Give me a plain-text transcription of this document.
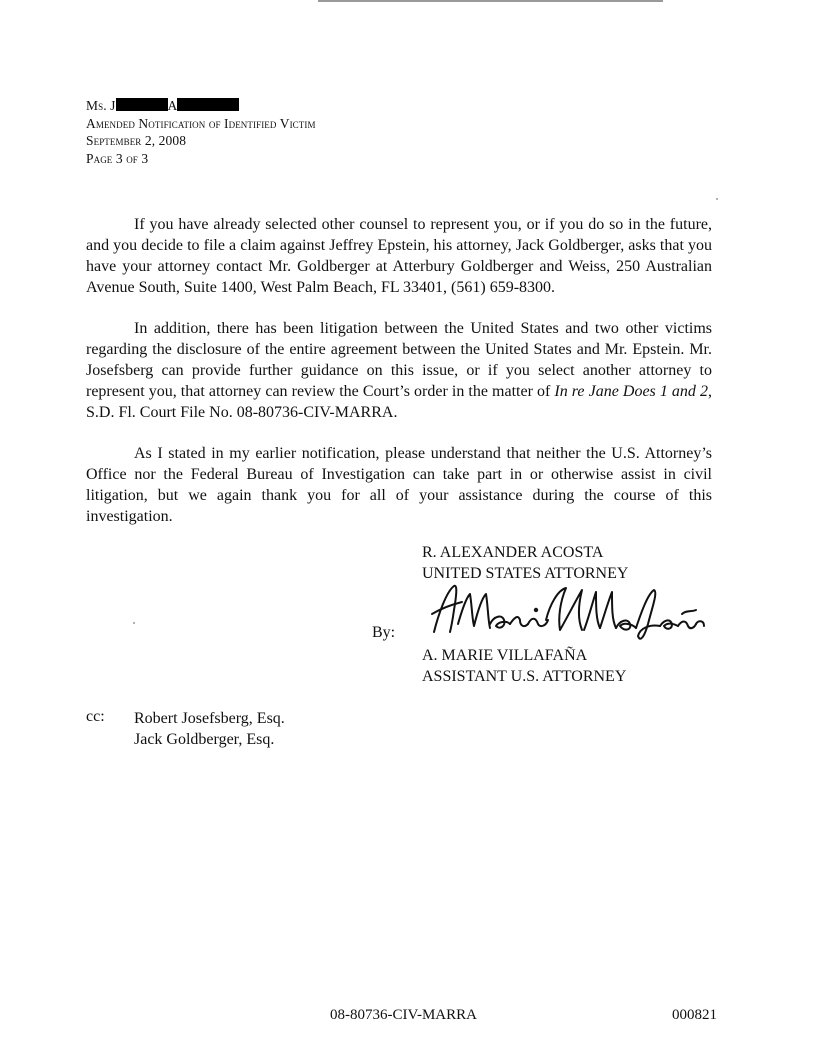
Ms. J	A
Amended Notification of Identified Victim
September 2, 2008
Page 3 of 3

If you have already selected other counsel to represent you, or if you do so in the future, and you decide to file a claim against Jeffrey Epstein, his attorney, Jack Goldberger, asks that you have your attorney contact Mr. Goldberger at Atterbury Goldberger and Weiss, 250 Australian Avenue South, Suite 1400, West Palm Beach, FL 33401, (561) 659-8300.

In addition, there has been litigation between the United States and two other victims regarding the disclosure of the entire agreement between the United States and Mr. Epstein. Mr. Josefsberg can provide further guidance on this issue, or if you select another attorney to represent you, that attorney can review the Court’s order in the matter of In re Jane Does 1 and 2, S.D. Fl. Court File No. 08-80736-CIV-MARRA.

As I stated in my earlier notification, please understand that neither the U.S. Attorney’s Office nor the Federal Bureau of Investigation can take part in or otherwise assist in civil litigation, but we again thank you for all of your assistance during the course of this investigation.

R. ALEXANDER ACOSTA
UNITED STATES ATTORNEY
By:
A. MARIE VILLAFAÑA
ASSISTANT U.S. ATTORNEY
cc: Robert Josefsberg, Esq.
Jack Goldberger, Esq.
08-80736-CIV-MARRA	000821
